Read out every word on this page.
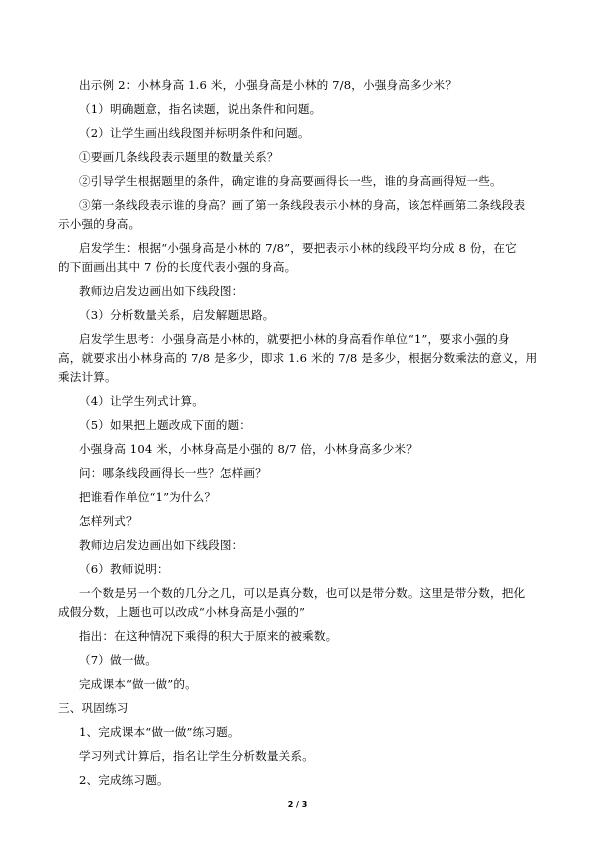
出示例 2：小林身高 1.6 米，小强身高是小林的 7/8，小强身高多少米？
（1）明确题意，指名读题，说出条件和问题。
（2）让学生画出线段图并标明条件和问题。
①要画几条线段表示题里的数量关系？
②引导学生根据题里的条件，确定谁的身高要画得长一些，谁的身高画得短一些。
③第一条线段表示谁的身高？画了第一条线段表示小林的身高，该怎样画第二条线段表
示小强的身高。
启发学生：根据“小强身高是小林的 7/8”，要把表示小林的线段平均分成 8 份，在它
的下面画出其中 7 份的长度代表小强的身高。
教师边启发边画出如下线段图：
（3）分析数量关系，启发解题思路。
启发学生思考：小强身高是小林的，就要把小林的身高看作单位“1”，要求小强的身
高，就要求出小林身高的 7/8 是多少，即求 1.6 米的 7/8 是多少，根据分数乘法的意义，用
乘法计算。
（4）让学生列式计算。
（5）如果把上题改成下面的题：
小强身高 104 米，小林身高是小强的 8/7 倍，小林身高多少米？
问：哪条线段画得长一些？怎样画？
把谁看作单位“1”为什么？
怎样列式？
教师边启发边画出如下线段图：
（6）教师说明：
一个数是另一个数的几分之几，可以是真分数，也可以是带分数。这里是带分数，把化
成假分数，上题也可以改成“小林身高是小强的”
指出：在这种情况下乘得的积大于原来的被乘数。
（7）做一做。
完成课本“做一做”的。
三、巩固练习
1、完成课本“做一做”练习题。
学习列式计算后，指名让学生分析数量关系。
2、完成练习题。
2 / 3
